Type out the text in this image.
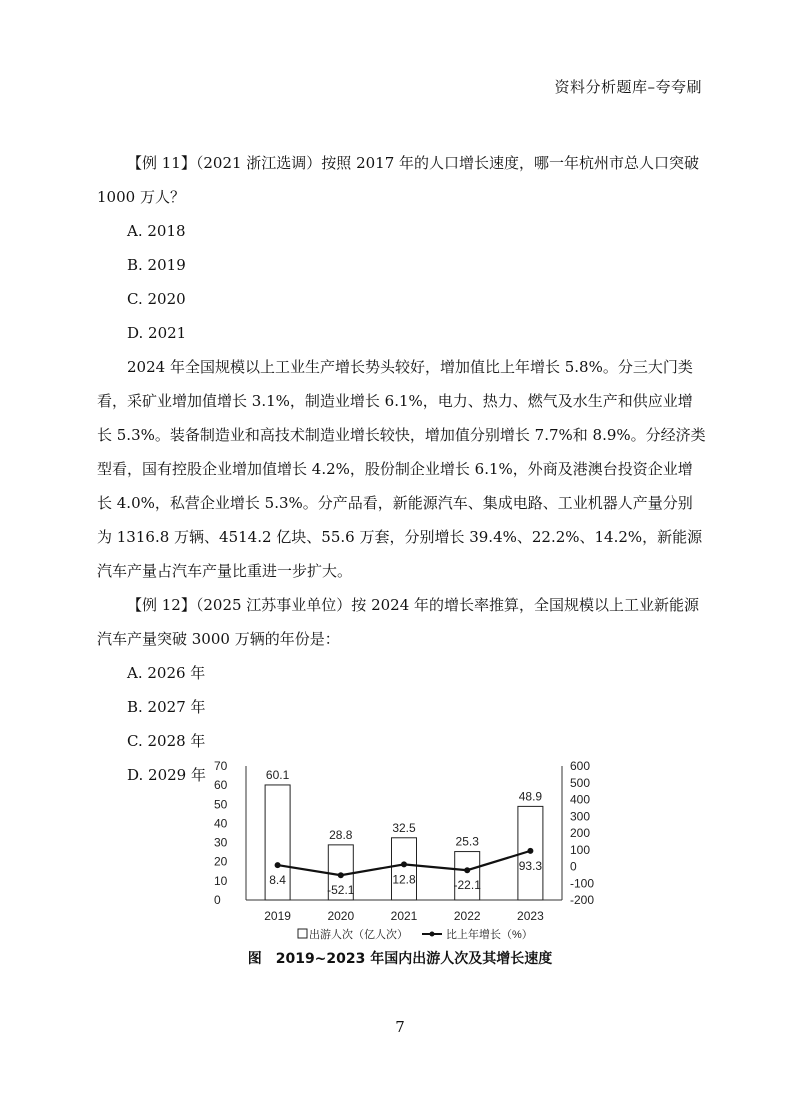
资料分析题库–夸夸刷

【例 11】（2021 浙江选调）按照 2017 年的人口增长速度，哪一年杭州市总人口突破 1000 万人？

A. 2018

B. 2019

C. 2020

D. 2021

2024 年全国规模以上工业生产增长势头较好，增加值比上年增长 5.8%。分三大门类看，采矿业增加值增长 3.1%，制造业增长 6.1%，电力、热力、燃气及水生产和供应业增长 5.3%。装备制造业和高技术制造业增长较快，增加值分别增长 7.7%和 8.9%。分经济类型看，国有控股企业增加值增长 4.2%，股份制企业增长 6.1%，外商及港澳台投资企业增长 4.0%，私营企业增长 5.3%。分产品看，新能源汽车、集成电路、工业机器人产量分别为 1316.8 万辆、4514.2 亿块、55.6 万套，分别增长 39.4%、22.2%、14.2%，新能源汽车产量占汽车产量比重进一步扩大。

【例 12】（2025 江苏事业单位）按 2024 年的增长率推算，全国规模以上工业新能源汽车产量突破 3000 万辆的年份是：

A. 2026 年

B. 2027 年

C. 2028 年

D. 2029 年

0
10
20
30
40
50
60
70
-200
-100
0
100
200
300
400
500
600
60.1
28.8
32.5
25.3
48.9
2019	2020	2021	2022	2023
8.4
-52.1
12.8	-22.1
93.3
出游人次（亿人次）	比上年增长（%）
图　2019~2023 年国内出游人次及其增长速度
7
